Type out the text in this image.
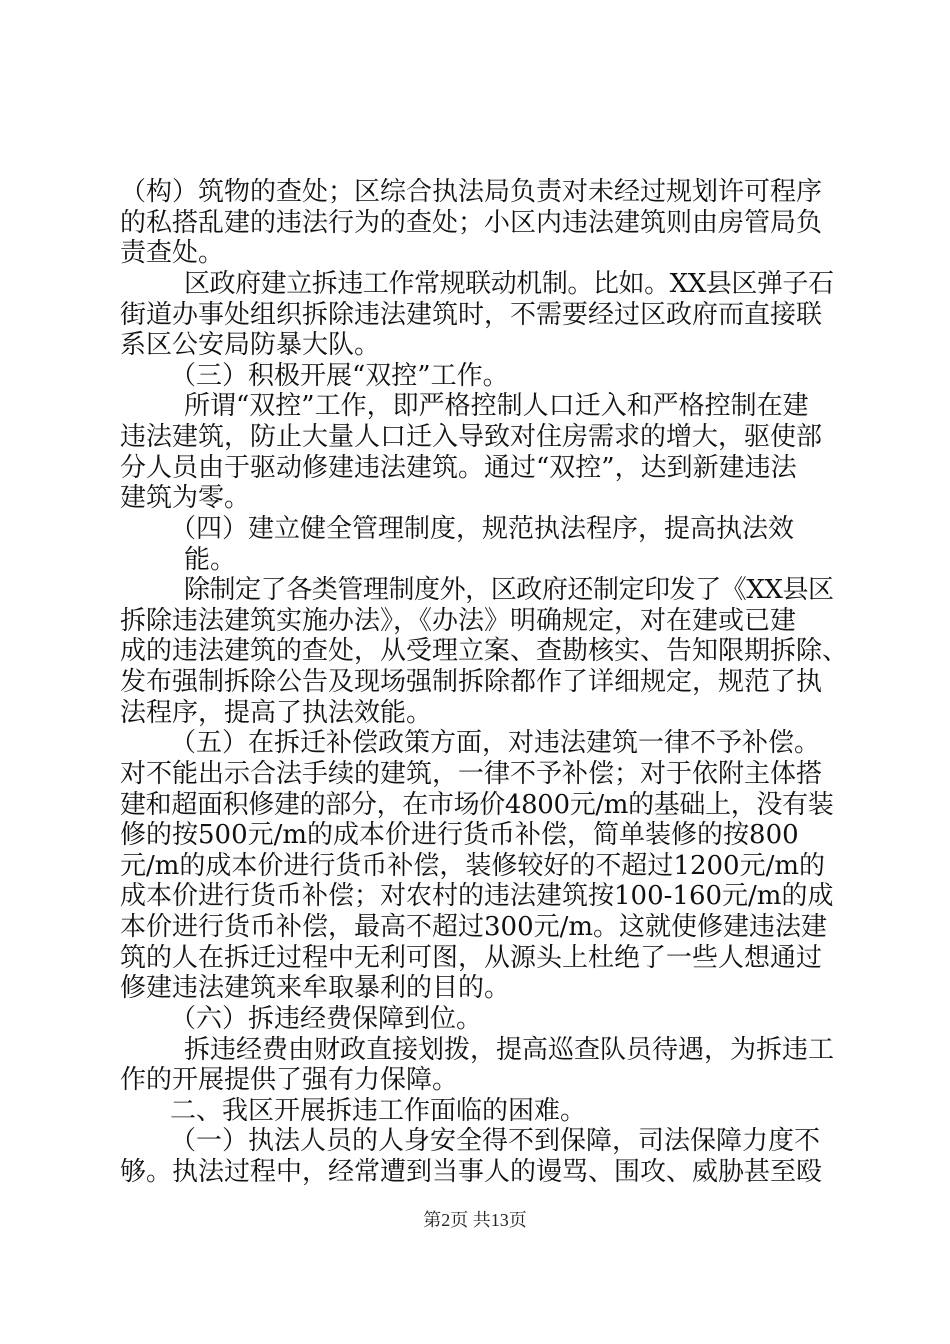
（构）筑物的查处；区综合执法局负责对未经过规划许可程序
的私搭乱建的违法行为的查处；小区内违法建筑则由房管局负
责查处。
区政府建立拆违工作常规联动机制。比如。XX县区弹子石
街道办事处组织拆除违法建筑时，不需要经过区政府而直接联
系区公安局防暴大队。
（三）积极开展“双控”工作。
所谓“双控”工作，即严格控制人口迁入和严格控制在建
违法建筑，防止大量人口迁入导致对住房需求的增大，驱使部
分人员由于驱动修建违法建筑。通过“双控”，达到新建违法
建筑为零。
（四）建立健全管理制度，规范执法程序，提高执法效
能。
除制定了各类管理制度外，区政府还制定印发了《XX县区
拆除违法建筑实施办法》，《办法》明确规定，对在建或已建
成的违法建筑的查处，从受理立案、查勘核实、告知限期拆除、
发布强制拆除公告及现场强制拆除都作了详细规定，规范了执
法程序，提高了执法效能。
（五）在拆迁补偿政策方面，对违法建筑一律不予补偿。
对不能出示合法手续的建筑，一律不予补偿；对于依附主体搭
建和超面积修建的部分，在市场价4800元/m的基础上，没有装
修的按500元/m的成本价进行货币补偿，简单装修的按800
元/m的成本价进行货币补偿，装修较好的不超过1200元/m的
成本价进行货币补偿；对农村的违法建筑按100-160元/m的成
本价进行货币补偿，最高不超过300元/m。这就使修建违法建
筑的人在拆迁过程中无利可图，从源头上杜绝了一些人想通过
修建违法建筑来牟取暴利的目的。
（六）拆违经费保障到位。
拆违经费由财政直接划拨，提高巡查队员待遇，为拆违工
作的开展提供了强有力保障。
二、我区开展拆违工作面临的困难。
（一）执法人员的人身安全得不到保障，司法保障力度不
够。执法过程中，经常遭到当事人的谩骂、围攻、威胁甚至殴
第2页 共13页
